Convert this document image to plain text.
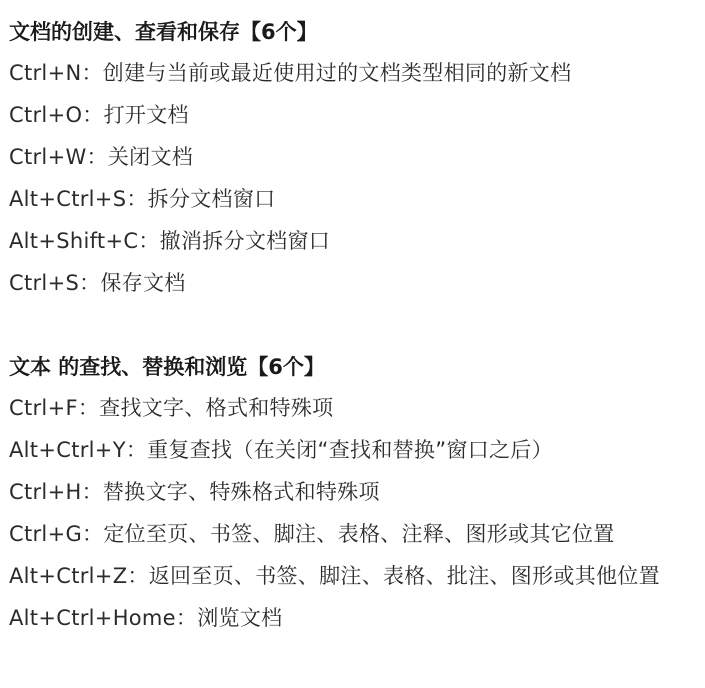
文档的创建、查看和保存【6个】
Ctrl+N ： 创建与当前或最近使用过的文档类型相同的新文档
Ctrl+O ： 打开文档
Ctrl+W ： 关闭文档
Alt+Ctrl+S ： 拆分文档窗口
Alt+Shift+C ： 撤消拆分文档窗口
Ctrl+S ： 保存文档
文本 的查找、替换和浏览【6个】
Ctrl+F ： 查找文字、格式和特殊项
Alt+Ctrl+Y ： 重复查找（在关闭“查找和替换”窗口之后）
Ctrl+H ： 替换文字、特殊格式和特殊项
Ctrl+G ： 定位至页、书签、脚注、表格、注释、图形或其它位置
Alt+Ctrl+Z ： 返回至页、书签、脚注、表格、批注、图形或其他位置
Alt+Ctrl+Home ： 浏览文档
